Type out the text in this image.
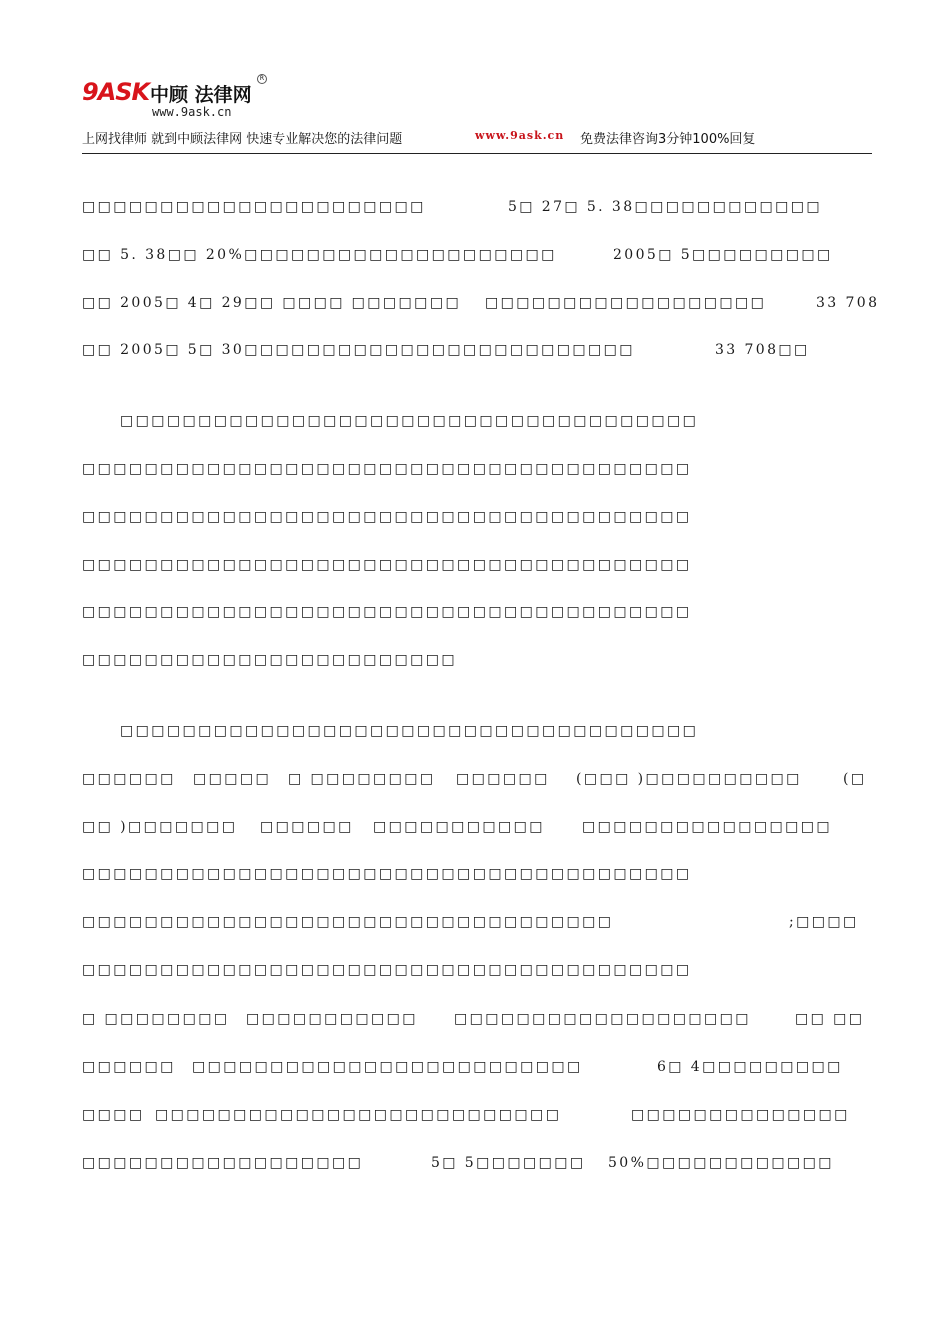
9ASK 中顾 法律网
www.9ask.cn
R
上网找律师 就到中顾法律网 快速专业解决您的法律问题	www.9ask.cn 免费法律咨询3分钟100%回复
□□□□□□□□□□□□□□□□□□□□□□	5□ 27□ 5. 38□□□□□□□□□□□□
□□ 5. 38□□ 20%□□□□□□□□□□□□□□□□□□□□	2005□ 5□□□□□□□□□
□□ 2005□ 4□ 29□□ □□□□ □□□□□□□ □□□□□□□□□□□□□□□□□□	33 708
□□ 2005□ 5□ 30□□□□□□□□□□□□□□□□□□□□□□□□□	33 708□□
□□□□□□□□□□□□□□□□□□□□□□□□□□□□□□□□□□□□□
□□□□□□□□□□□□□□□□□□□□□□□□□□□□□□□□□□□□□□□
□□□□□□□□□□□□□□□□□□□□□□□□□□□□□□□□□□□□□□□
□□□□□□□□□□□□□□□□□□□□□□□□□□□□□□□□□□□□□□□
□□□□□□□□□□□□□□□□□□□□□□□□□□□□□□□□□□□□□□□
□□□□□□□□□□□□□□□□□□□□□□□□
□□□□□□□□□□□□□□□□□□□□□□□□□□□□□□□□□□□□□
□□□□□□ □□□□□ □ □□□□□□□□ □□□□□□ (□□□ )□□□□□□□□□□	(□
□□ )□□□□□□□ □□□□□□ □□□□□□□□□□□	□□□□□□□□□□□□□□□□
□□□□□□□□□□□□□□□□□□□□□□□□□□□□□□□□□□□□□□□
□□□□□□□□□□□□□□□□□□□□□□□□□□□□□□□□□□	;□□□□
□□□□□□□□□□□□□□□□□□□□□□□□□□□□□□□□□□□□□□□
□ □□□□□□□□ □□□□□□□□□□□	□□□□□□□□□□□□□□□□□□□	□□ □□
□□□□□□ □□□□□□□□□□□□□□□□□□□□□□□□□	6□ 4□□□□□□□□□
□□□□ □□□□□□□□□□□□□□□□□□□□□□□□□□	□□□□□□□□□□□□□□
□□□□□□□□□□□□□□□□□□	5□ 5□□□□□□□ 50%□□□□□□□□□□□□
